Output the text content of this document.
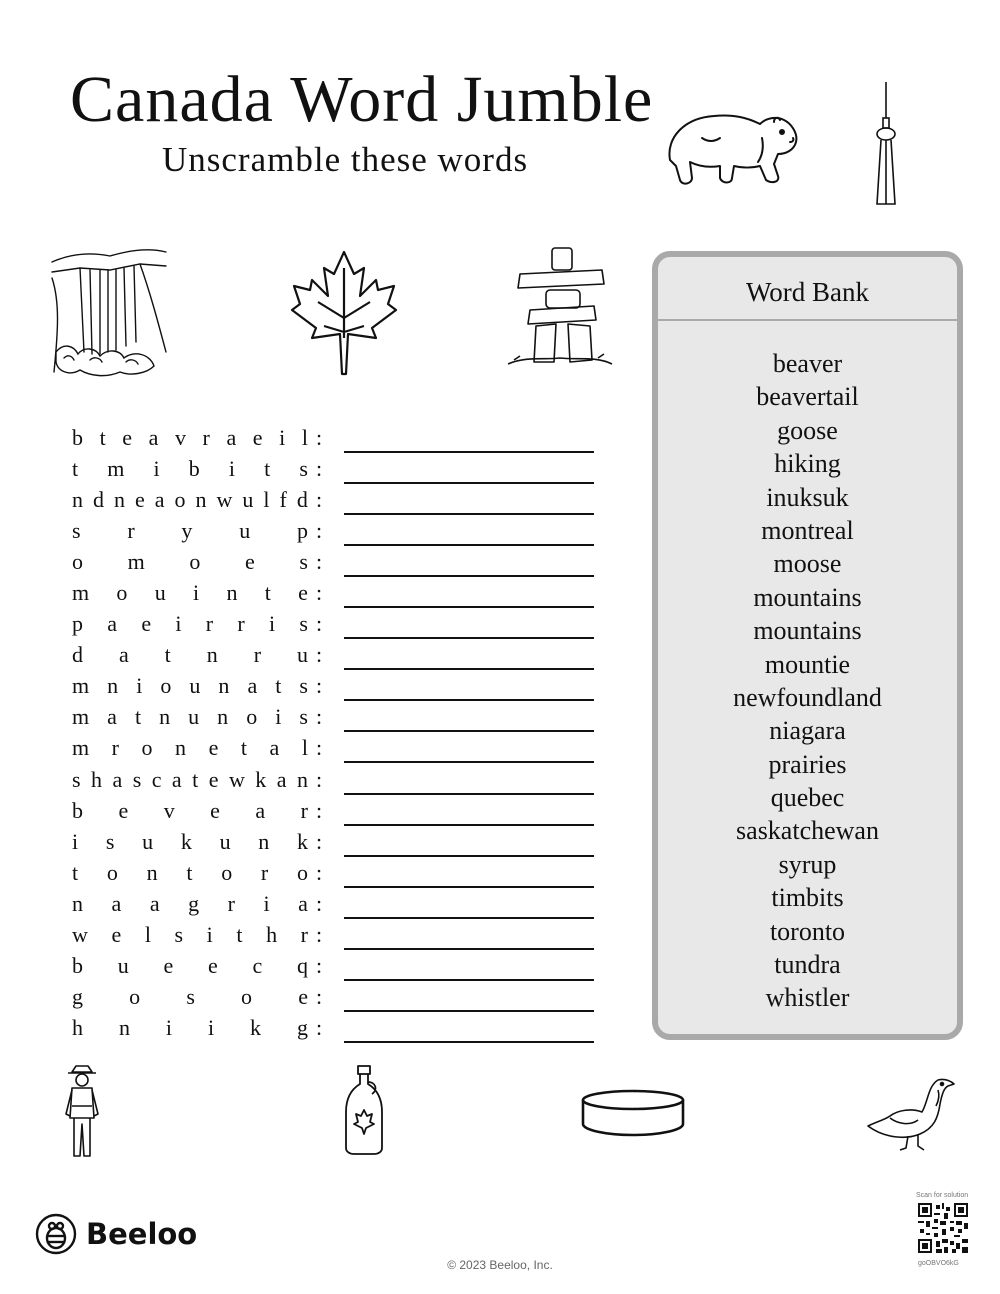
Canada Word Jumble
Unscramble these words
Word Bank
beaver
beavertail
goose
hiking
inuksuk
montreal
moose
mountains
mountains
mountie
newfoundland
niagara
prairies
quebec
saskatchewan
syrup
timbits
toronto
tundra
whistler
b t e a v r a e i l :
t m i b i t s :
n d n e a o n w u l f d :
s r y u p :
o m o e s :
m o u i n t e :
p a e i r r i s :
d a t n r u :
m n i o u n a t s :
m a t n u n o i s :
m r o n e t a l :
s h a s c a t e w k a n :
b e v e a r :
i s u k u n k :
t o n t o r o :
n a a g r i a :
w e l s i t h r :
b u e e c q :
g o s o e :
h n i i k g :
Beeloo
© 2023 Beeloo, Inc.
Scan for solution
goOBVO6kG
